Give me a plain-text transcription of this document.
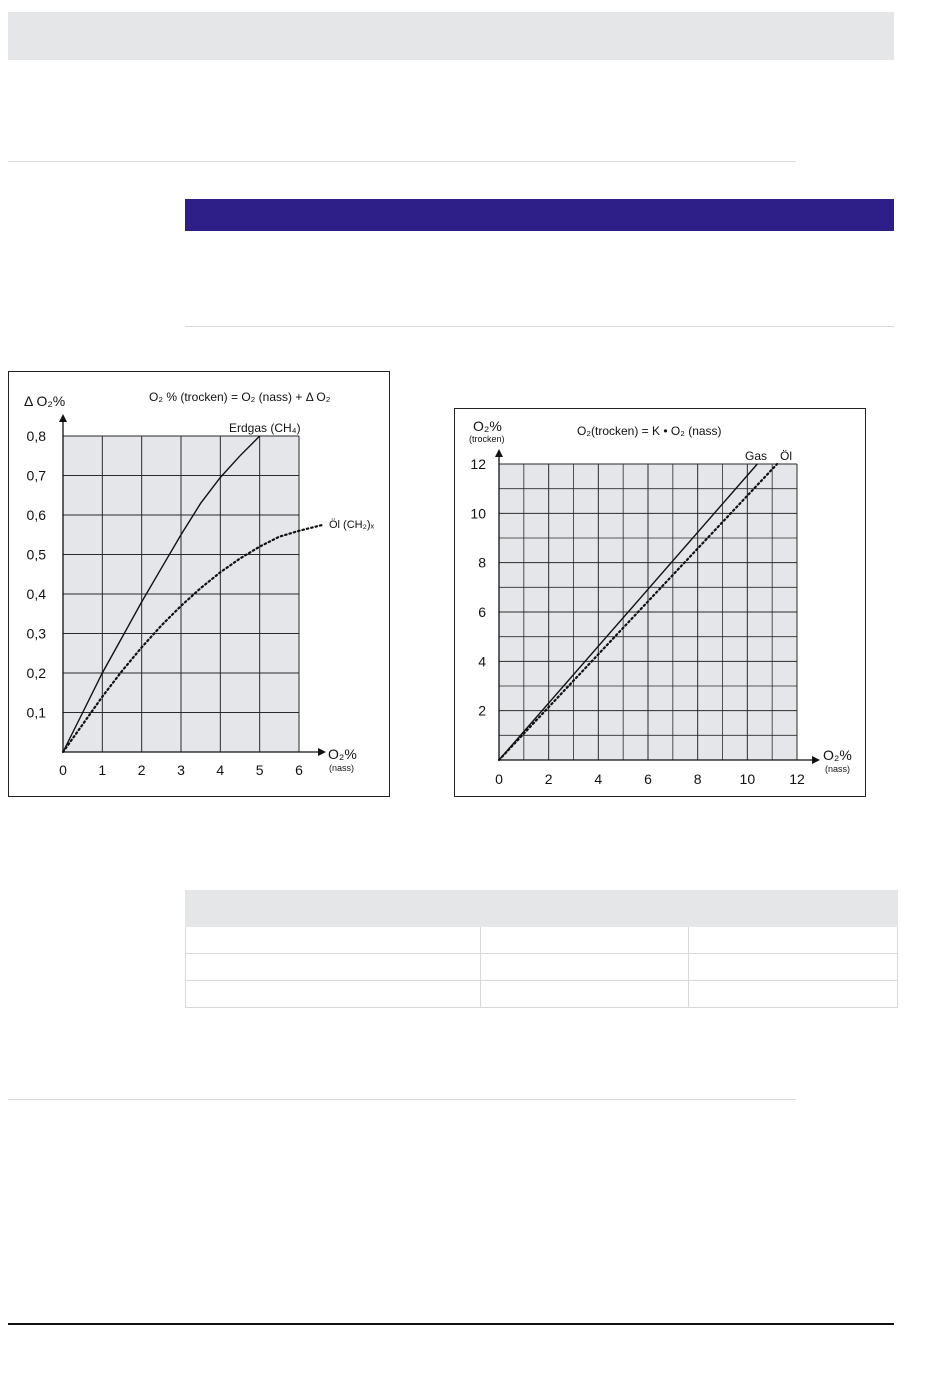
0 1 2 3 4 5 6
0,1
0,2
0,3
0,4
0,5
0,6
0,7
0,8
Δ O₂%	O₂ % (trocken) = O₂ (nass) + Δ O₂
O₂%
(nass)
Erdgas (CH₄)
Öl (CH₂)ₓ
0	2	4	6	8	10 12
2
4
6
8
10
12
O₂%
(trocken)
O₂(trocken) = K • O₂ (nass)
O₂%
(nass)
Gas Öl
